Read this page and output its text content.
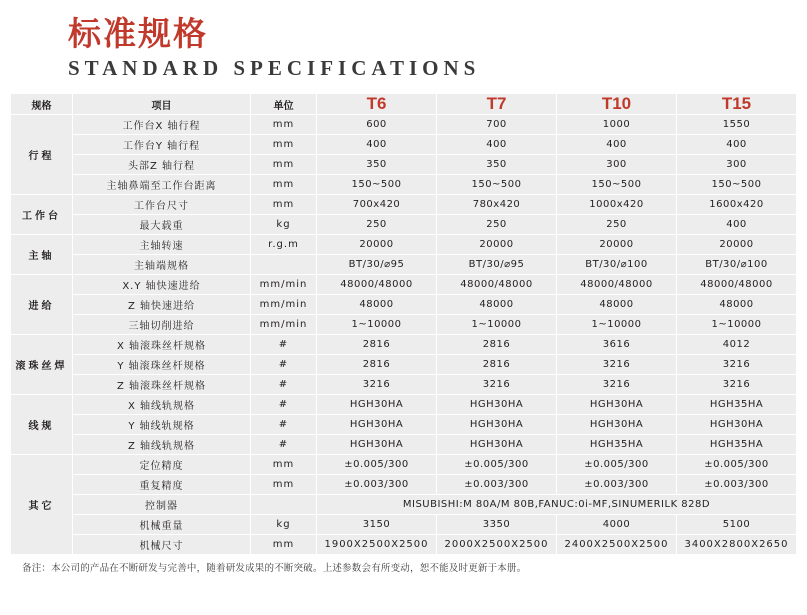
标准规格
STANDARD SPECIFICATIONS
规格	项目	单位	T6	T7	T10	T15
行程	工作台X 轴行程	mm	600	700	1000	1550
	工作台Y 轴行程	mm	400	400	400	400
	头部Z 轴行程	mm	350	350	300	300
	主轴鼻端至工作台距离	mm	150~500	150~500	150~500	150~500
工作台	工作台尺寸	mm	700x420	780x420	1000x420	1600x420
	最大载重	kg	250	250	250	400
主轴	主轴转速	r.g.m	20000	20000	20000	20000
	主轴端规格		BT/30/⌀95	BT/30/⌀95	BT/30/⌀100	BT/30/⌀100
进给	X.Y 轴快速进给	mm/min	48000/48000	48000/48000	48000/48000	48000/48000
	Z 轴快速进给	mm/min	48000	48000	48000	48000
	三轴切削进给	mm/min	1~10000	1~10000	1~10000	1~10000
滚珠丝焊	X 轴滚珠丝杆规格	#	2816	2816	3616	4012
	Y 轴滚珠丝杆规格	#	2816	2816	3216	3216
	Z 轴滚珠丝杆规格	#	3216	3216	3216	3216
线规	X 轴线轨规格	#	HGH30HA	HGH30HA	HGH30HA	HGH35HA
	Y 轴线轨规格	#	HGH30HA	HGH30HA	HGH30HA	HGH30HA
	Z 轴线轨规格	#	HGH30HA	HGH30HA	HGH35HA	HGH35HA
其它	定位精度	mm	±0.005/300	±0.005/300	±0.005/300	±0.005/300
	重复精度	mm	±0.003/300	±0.003/300	±0.003/300	±0.003/300
	控制器		MISUBISHI:M 80A/M 80B,FANUC:0i-MF,SINUMERILK 828D			
	机械重量	kg	3150	3350	4000	5100
	机械尺寸	mm	1900X2500X2500	2000X2500X2500	2400X2500X2500	3400X2800X2650
备注：本公司的产品在不断研发与完善中，随着研发成果的不断突破。上述参数会有所变动，恕不能及时更新于本册。
